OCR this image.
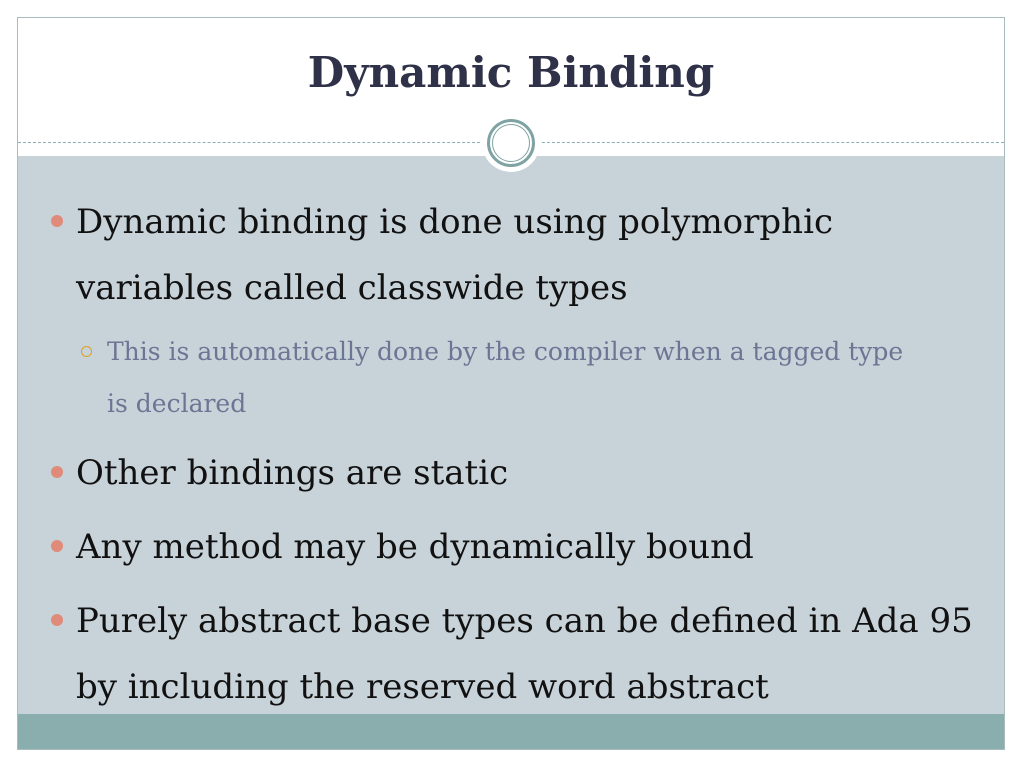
Dynamic Binding
Dynamic binding is done using polymorphic
variables called classwide types
This is automatically done by the compiler when a tagged type
is declared
Other bindings are static
Any method may be dynamically bound
Purely abstract base types can be defined in Ada 95
by including the reserved word abstract
